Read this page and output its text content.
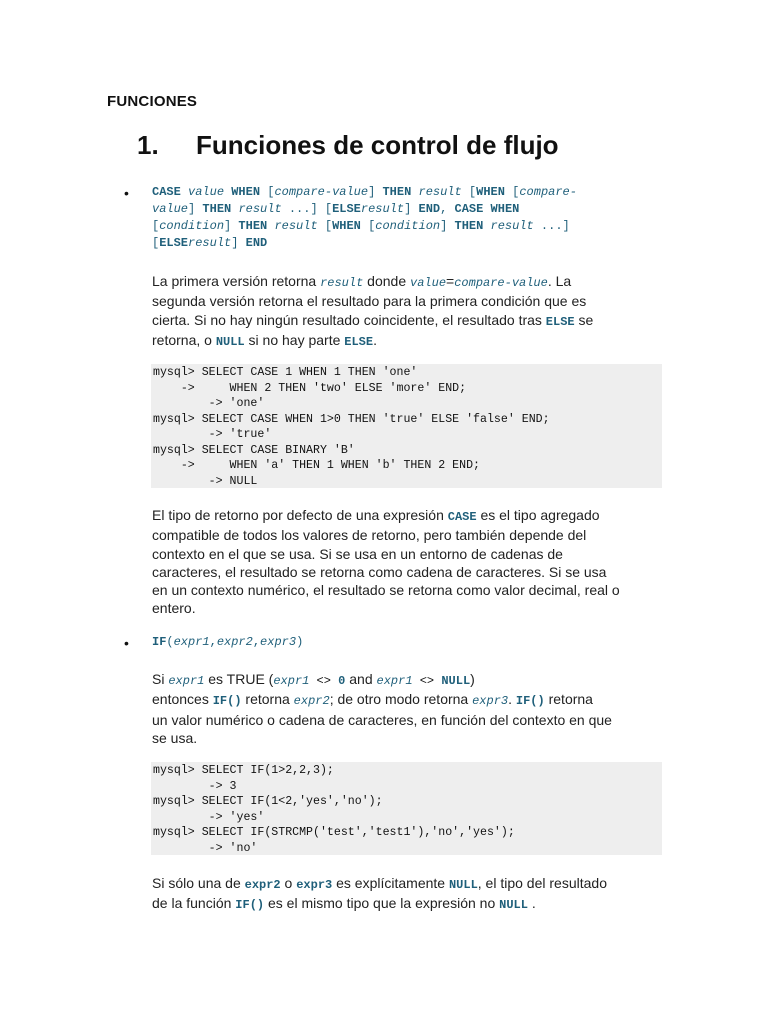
FUNCIONES
1. Funciones de control de flujo
• CASE value WHEN [compare-value] THEN result [WHEN [compare-
value] THEN result ...] [ELSEresult] END, CASE WHEN
[condition] THEN result [WHEN [condition] THEN result ...]
[ELSEresult] END
La primera versión retorna result donde value=compare-value. La
segunda versión retorna el resultado para la primera condición que es
cierta. Si no hay ningún resultado coincidente, el resultado tras ELSE se
retorna, o NULL si no hay parte ELSE.
mysql> SELECT CASE 1 WHEN 1 THEN 'one'
->     WHEN 2 THEN 'two' ELSE 'more' END;
-> 'one'
mysql> SELECT CASE WHEN 1>0 THEN 'true' ELSE 'false' END;
-> 'true'
mysql> SELECT CASE BINARY 'B'
->     WHEN 'a' THEN 1 WHEN 'b' THEN 2 END;
-> NULL
El tipo de retorno por defecto de una expresión CASE es el tipo agregado
compatible de todos los valores de retorno, pero también depende del
contexto en el que se usa. Si se usa en un entorno de cadenas de
caracteres, el resultado se retorna como cadena de caracteres. Si se usa
en un contexto numérico, el resultado se retorna como valor decimal, real o
entero.
• IF(expr1,expr2,expr3)
Si expr1 es TRUE (expr1 <> 0 and expr1 <> NULL)
entonces IF() retorna expr2; de otro modo retorna expr3. IF() retorna
un valor numérico o cadena de caracteres, en función del contexto en que
se usa.
mysql> SELECT IF(1>2,2,3);
-> 3
mysql> SELECT IF(1<2,'yes','no');
-> 'yes'
mysql> SELECT IF(STRCMP('test','test1'),'no','yes');
-> 'no'
Si sólo una de expr2 o expr3 es explícitamente NULL, el tipo del resultado
de la función IF() es el mismo tipo que la expresión no NULL .
